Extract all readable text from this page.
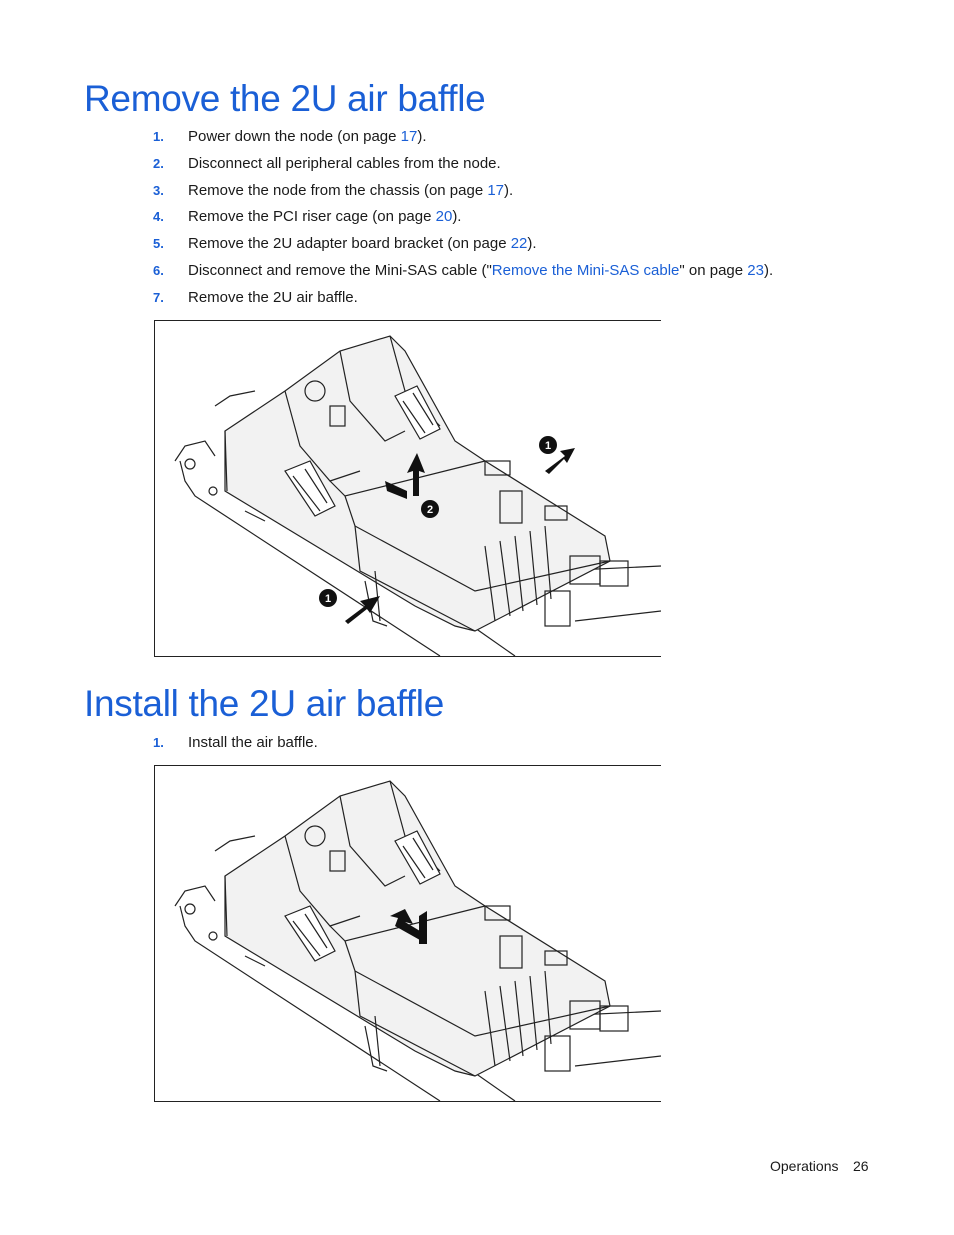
Remove the 2U air baffle
1. Power down the node (on page 17).
2. Disconnect all peripheral cables from the node.
3. Remove the node from the chassis (on page 17).
4. Remove the PCI riser cage (on page 20).
5. Remove the 2U adapter board bracket (on page 22).
6. Disconnect and remove the Mini-SAS cable ("Remove the Mini-SAS cable" on page 23).
7. Remove the 2U air baffle.
1
2
1
Install the 2U air baffle
1. Install the air baffle.
Operations 26
